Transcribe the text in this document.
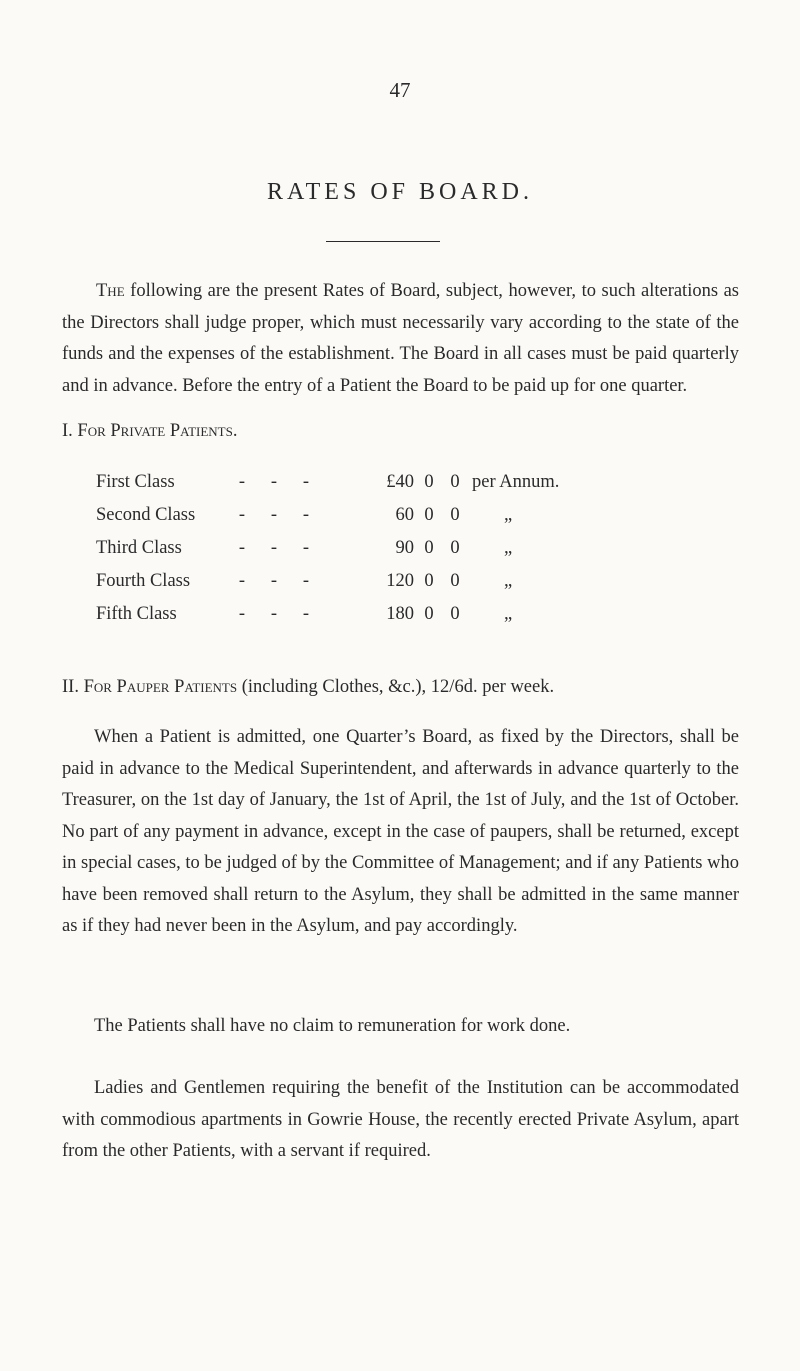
47
RATES OF BOARD.

The following are the present Rates of Board, subject, however, to such alterations as the Directors shall judge proper, which must necessarily vary according to the state of the funds and the expenses of the establishment. The Board in all cases must be paid quarterly and in advance. Before the entry of a Patient the Board to be paid up for one quarter.

I. For Private Patients.
First Class	-	-	-	£40	0	0	per Annum.
Second Class	-	-	-	60	0	0	„
Third Class	-	-	-	90	0	0	„
Fourth Class	-	-	-	120	0	0	„
Fifth Class	-	-	-	180	0	0	„
II. For Pauper Patients (including Clothes, &c.), 12/6d. per week.

When a Patient is admitted, one Quarter’s Board, as fixed by the Directors, shall be paid in advance to the Medical Superintendent, and afterwards in advance quarterly to the Treasurer, on the 1st day of January, the 1st of April, the 1st of July, and the 1st of October. No part of any payment in advance, except in the case of paupers, shall be returned, except in special cases, to be judged of by the Committee of Management; and if any Patients who have been removed shall return to the Asylum, they shall be admitted in the same manner as if they had never been in the Asylum, and pay accordingly.

The Patients shall have no claim to remuneration for work done.

Ladies and Gentlemen requiring the benefit of the Institution can be accommodated with commodious apartments in Gowrie House, the recently erected Private Asylum, apart from the other Patients, with a servant if required.
